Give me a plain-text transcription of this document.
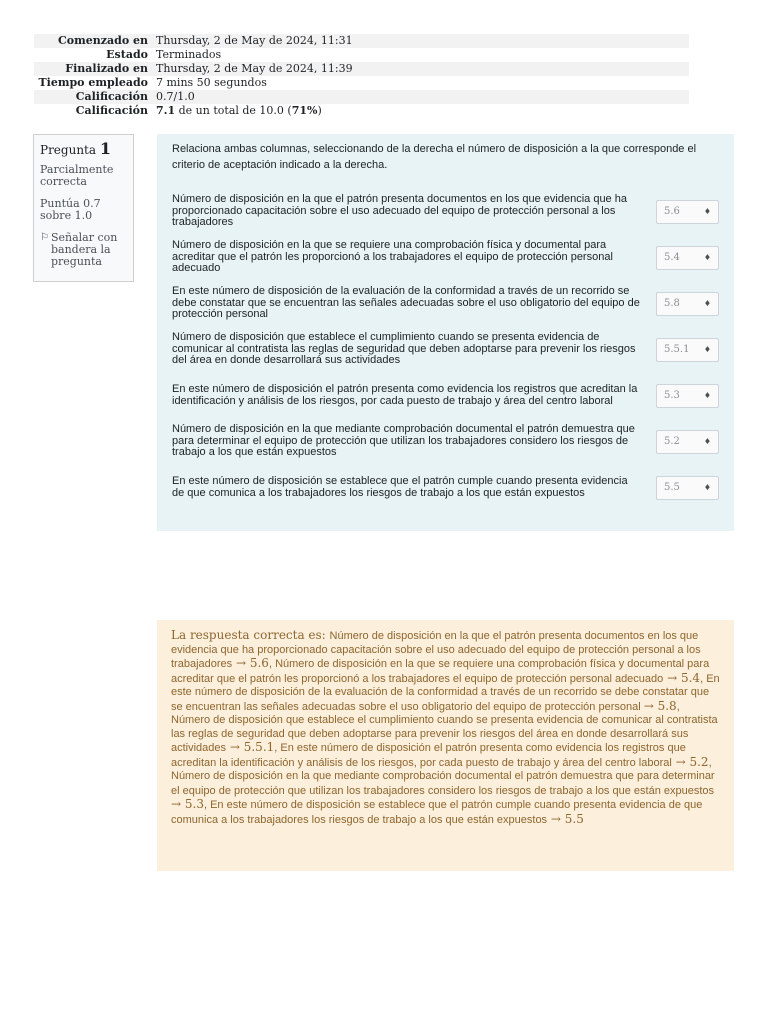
Comenzado en	Thursday, 2 de May de 2024, 11:31
Estado	Terminados
Finalizado en	Thursday, 2 de May de 2024, 11:39
Tiempo empleado	7 mins 50 segundos
Calificación	0.7/1.0
Calificación	7.1 de un total de 10.0 (71%)
Pregunta 1
Parcialmente correcta
Puntúa 0.7 sobre 1.0
⚐ Señalar con bandera la pregunta

Relaciona ambas columnas, seleccionando de la derecha el número de disposición a la que corresponde el criterio de aceptación indicado a la derecha.

Número de disposición en la que el patrón presenta documentos en los que evidencia que ha proporcionado capacitación sobre el uso adecuado del equipo de protección personal a los trabajadores
5.6	♦
Número de disposición en la que se requiere una comprobación física y documental para acreditar que el patrón les proporcionó a los trabajadores el equipo de protección personal adecuado
5.4	♦
En este número de disposición de la evaluación de la conformidad a través de un recorrido se debe constatar que se encuentran las señales adecuadas sobre el uso obligatorio del equipo de protección personal
5.8	♦
Número de disposición que establece el cumplimiento cuando se presenta evidencia de comunicar al contratista las reglas de seguridad que deben adoptarse para prevenir los riesgos del área en donde desarrollará sus actividades
5.5.1 ♦
En este número de disposición el patrón presenta como evidencia los registros que acreditan la identificación y análisis de los riesgos, por cada puesto de trabajo y área del centro laboral	5.3	♦
Número de disposición en la que mediante comprobación documental el patrón demuestra que para determinar el equipo de protección que utilizan los trabajadores considero los riesgos de trabajo a los que están expuestos
5.2	♦
En este número de disposición se establece que el patrón cumple cuando presenta evidencia de que comunica a los trabajadores los riesgos de trabajo a los que están expuestos	5.5	♦
La respuesta correcta es: Número de disposición en la que el patrón presenta documentos en los que evidencia que ha proporcionado capacitación sobre el uso adecuado del equipo de protección personal a los trabajadores → 5.6, Número de disposición en la que se requiere una comprobación física y documental para acreditar que el patrón les proporcionó a los trabajadores el equipo de protección personal adecuado → 5.4, En este número de disposición de la evaluación de la conformidad a través de un recorrido se debe constatar que se encuentran las señales adecuadas sobre el uso obligatorio del equipo de protección personal → 5.8, Número de disposición que establece el cumplimiento cuando se presenta evidencia de comunicar al contratista las reglas de seguridad que deben adoptarse para prevenir los riesgos del área en donde desarrollará sus actividades → 5.5.1, En este número de disposición el patrón presenta como evidencia los registros que acreditan la identificación y análisis de los riesgos, por cada puesto de trabajo y área del centro laboral → 5.2, Número de disposición en la que mediante comprobación documental el patrón demuestra que para determinar el equipo de protección que utilizan los trabajadores considero los riesgos de trabajo a los que están expuestos → 5.3, En este número de disposición se establece que el patrón cumple cuando presenta evidencia de que comunica a los trabajadores los riesgos de trabajo a los que están expuestos → 5.5
